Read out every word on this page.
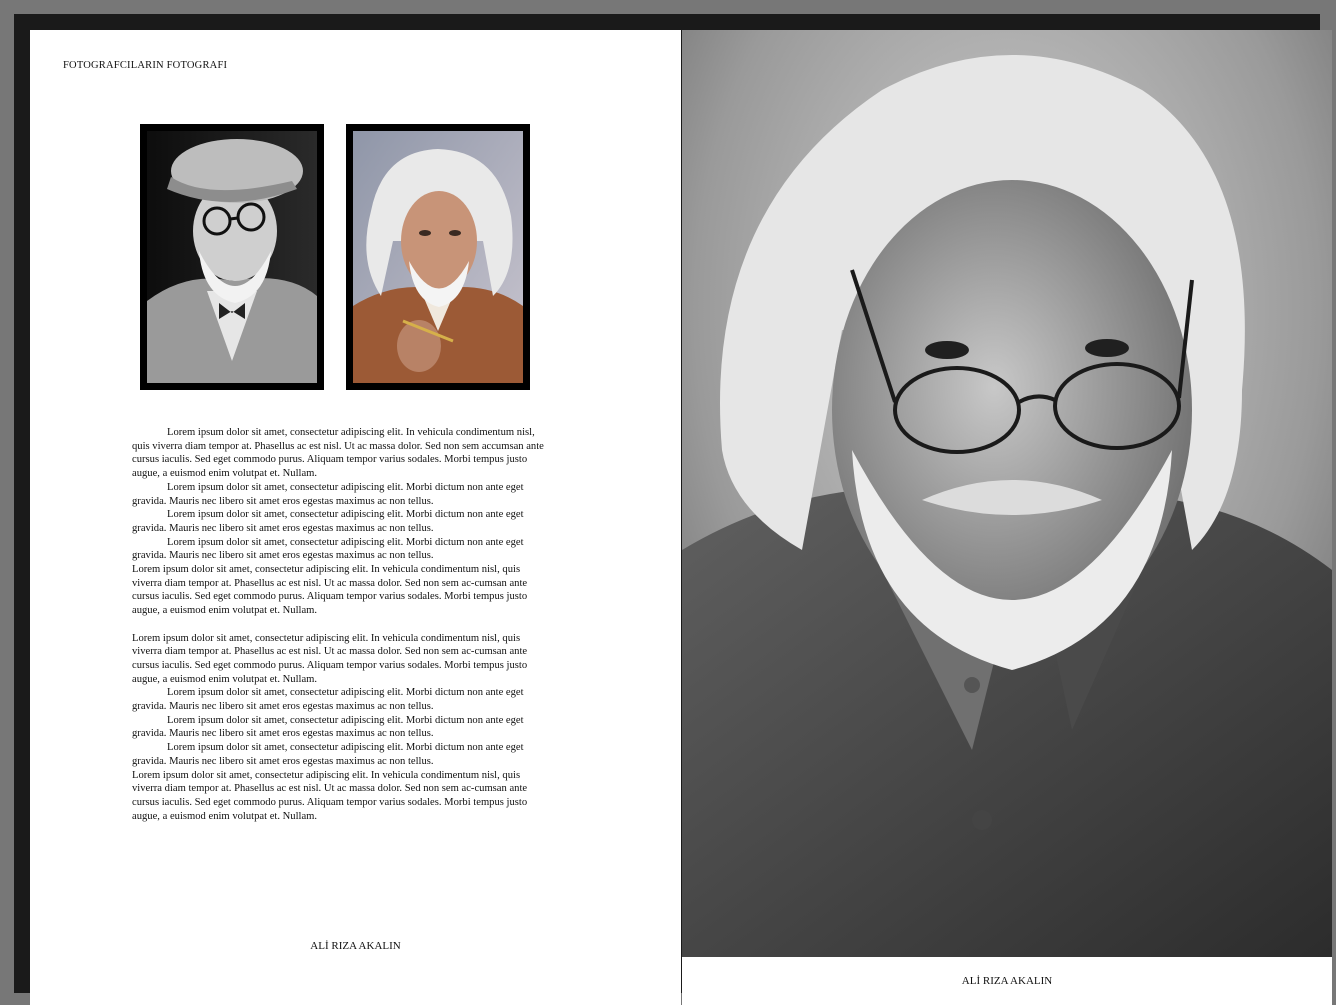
FOTOGRAFCILARIN FOTOGRAFI

Lorem ipsum dolor sit amet, consectetur adipiscing elit. In vehicula condimentum nisl, quis viverra diam tempor at. Phasellus ac est nisl. Ut ac massa dolor. Sed non sem accumsan ante cursus iaculis. Sed eget commodo purus. Aliquam tempor varius sodales. Morbi tempus justo augue, a euismod enim volutpat et. Nullam.

Lorem ipsum dolor sit amet, consectetur adipiscing elit. Morbi dictum non ante eget gravida. Mauris nec libero sit amet eros egestas maximus ac non tellus.

Lorem ipsum dolor sit amet, consectetur adipiscing elit. Morbi dictum non ante eget gravida. Mauris nec libero sit amet eros egestas maximus ac non tellus.

Lorem ipsum dolor sit amet, consectetur adipiscing elit. Morbi dictum non ante eget gravida. Mauris nec libero sit amet eros egestas maximus ac non tellus.

Lorem ipsum dolor sit amet, consectetur adipiscing elit. In vehicula condimentum nisl, quis viverra diam tempor at. Phasellus ac est nisl. Ut ac massa dolor. Sed non sem ac-cumsan ante cursus iaculis. Sed eget commodo purus. Aliquam tempor varius sodales. Morbi tempus justo augue, a euismod enim volutpat et. Nullam.

Lorem ipsum dolor sit amet, consectetur adipiscing elit. In vehicula condimentum nisl, quis viverra diam tempor at. Phasellus ac est nisl. Ut ac massa dolor. Sed non sem ac-cumsan ante cursus iaculis. Sed eget commodo purus. Aliquam tempor varius sodales. Morbi tempus justo augue, a euismod enim volutpat et. Nullam.

Lorem ipsum dolor sit amet, consectetur adipiscing elit. Morbi dictum non ante eget gravida. Mauris nec libero sit amet eros egestas maximus ac non tellus.

Lorem ipsum dolor sit amet, consectetur adipiscing elit. Morbi dictum non ante eget gravida. Mauris nec libero sit amet eros egestas maximus ac non tellus.

Lorem ipsum dolor sit amet, consectetur adipiscing elit. Morbi dictum non ante eget gravida. Mauris nec libero sit amet eros egestas maximus ac non tellus.

Lorem ipsum dolor sit amet, consectetur adipiscing elit. In vehicula condimentum nisl, quis viverra diam tempor at. Phasellus ac est nisl. Ut ac massa dolor. Sed non sem ac-cumsan ante cursus iaculis. Sed eget commodo purus. Aliquam tempor varius sodales. Morbi tempus justo augue, a euismod enim volutpat et. Nullam.

ALİ RIZA AKALIN
ALİ RIZA AKALIN
